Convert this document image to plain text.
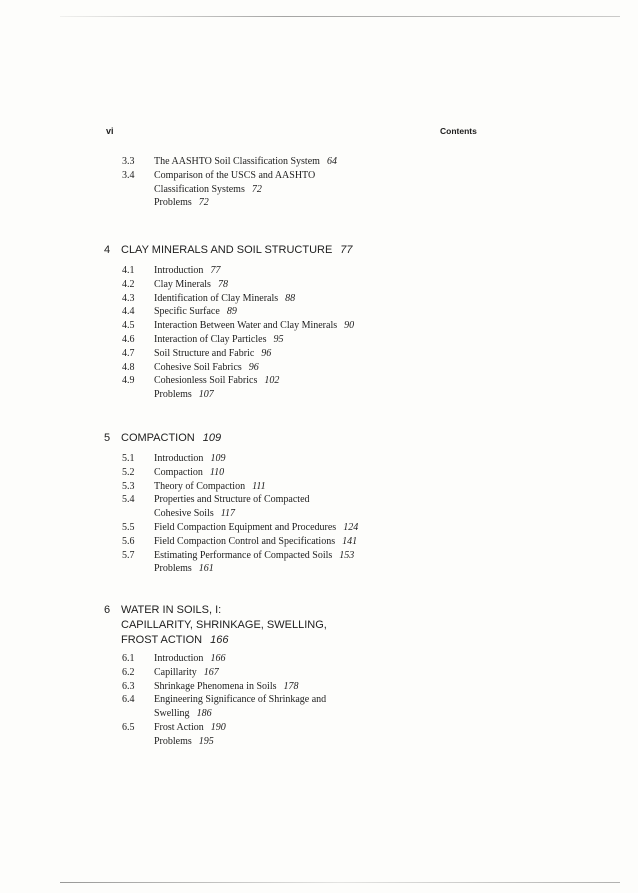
vi	Contents
3.3	The AASHTO Soil Classification System 64
3.4	Comparison of the USCS and AASHTO
Classification Systems 72
Problems 72
4 CLAY MINERALS AND SOIL STRUCTURE 77
4.1	Introduction 77
4.2	Clay Minerals 78
4.3	Identification of Clay Minerals 88
4.4	Specific Surface 89
4.5	Interaction Between Water and Clay Minerals 90
4.6	Interaction of Clay Particles 95
4.7	Soil Structure and Fabric 96
4.8	Cohesive Soil Fabrics 96
4.9	Cohesionless Soil Fabrics 102
Problems 107
5 COMPACTION 109
5.1	Introduction 109
5.2	Compaction 110
5.3	Theory of Compaction 111
5.4	Properties and Structure of Compacted
Cohesive Soils 117
5.5	Field Compaction Equipment and Procedures 124
5.6	Field Compaction Control and Specifications 141
5.7	Estimating Performance of Compacted Soils 153
Problems 161
6 WATER IN SOILS, I:
CAPILLARITY, SHRINKAGE, SWELLING,
FROST ACTION 166
6.1	Introduction 166
6.2	Capillarity 167
6.3	Shrinkage Phenomena in Soils 178
6.4	Engineering Significance of Shrinkage and
Swelling 186
6.5	Frost Action 190
Problems 195
